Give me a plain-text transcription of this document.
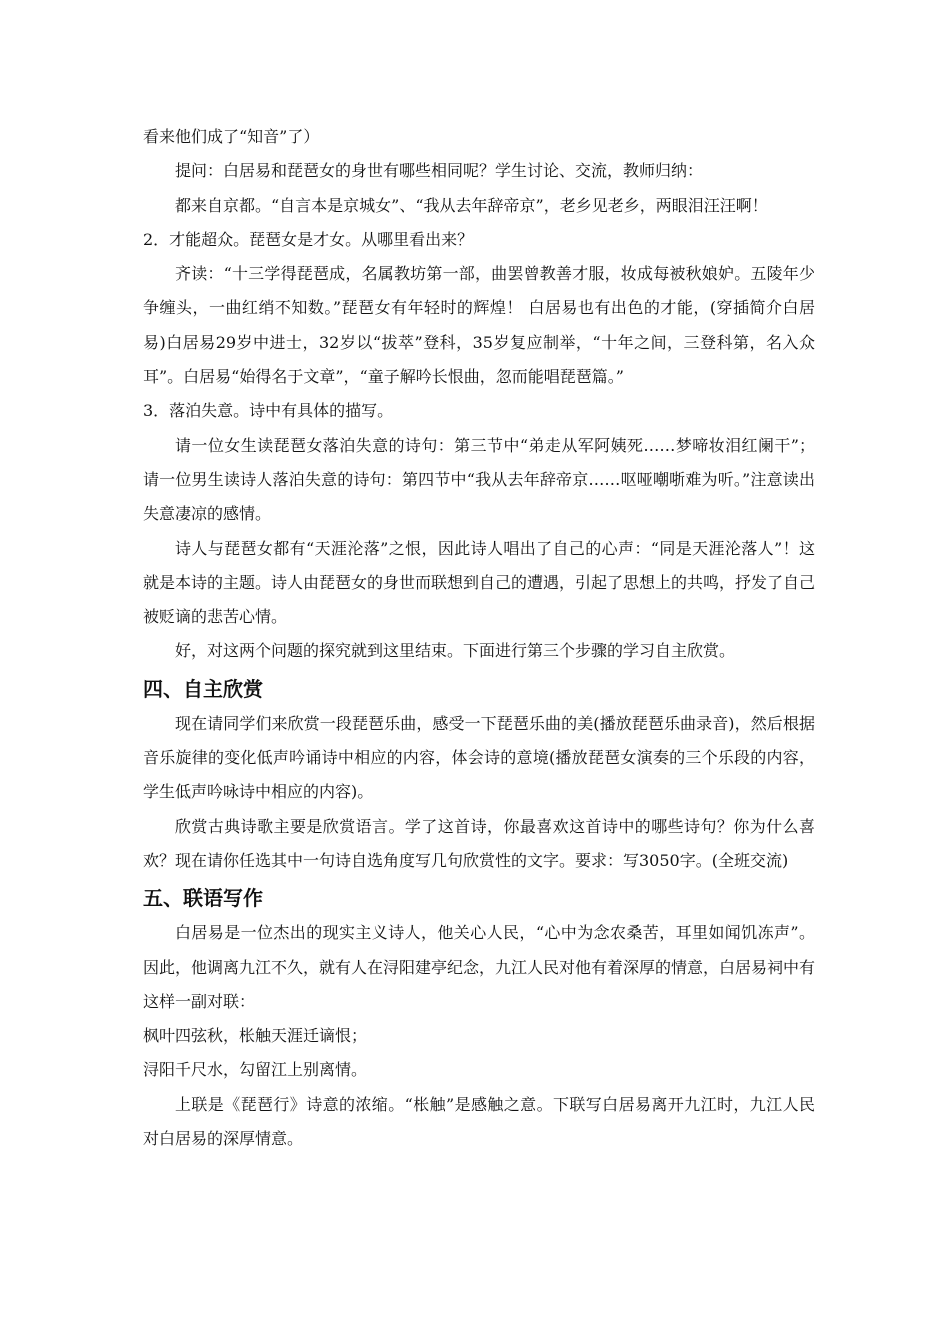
看来他们成了“知音”了）

提问：白居易和琵琶女的身世有哪些相同呢？学生讨论、交流，教师归纳：

都来自京都。“自言本是京城女”、“我从去年辞帝京”，老乡见老乡，两眼泪汪汪啊！

2．才能超众。琵琶女是才女。从哪里看出来？

齐读：“十三学得琵琶成，名属教坊第一部，曲罢曾教善才服，妆成每被秋娘妒。五陵年少争缠头，一曲红绡不知数。”琵琶女有年轻时的辉煌！ 白居易也有出色的才能，(穿插简介白居易)白居易29岁中进士，32岁以“拔萃”登科，35岁复应制举，“十年之间，三登科第，名入众耳”。白居易“始得名于文章”，“童子解吟长恨曲，忽而能唱琵琶篇。”

3．落泊失意。诗中有具体的描写。

请一位女生读琵琶女落泊失意的诗句：第三节中“弟走从军阿姨死……梦啼妆泪红阑干”；请一位男生读诗人落泊失意的诗句：第四节中“我从去年辞帝京……呕哑嘲哳难为听。”注意读出失意凄凉的感情。

诗人与琵琶女都有“天涯沦落”之恨，因此诗人唱出了自己的心声：“同是天涯沦落人”！这就是本诗的主题。诗人由琵琶女的身世而联想到自己的遭遇，引起了思想上的共鸣，抒发了自己被贬谪的悲苦心情。

好，对这两个问题的探究就到这里结束。下面进行第三个步骤的学习自主欣赏。

四、自主欣赏

现在请同学们来欣赏一段琵琶乐曲，感受一下琵琶乐曲的美(播放琵琶乐曲录音)，然后根据音乐旋律的变化低声吟诵诗中相应的内容，体会诗的意境(播放琵琶女演奏的三个乐段的内容，学生低声吟咏诗中相应的内容)。

欣赏古典诗歌主要是欣赏语言。学了这首诗，你最喜欢这首诗中的哪些诗句？你为什么喜欢？现在请你任选其中一句诗自选角度写几句欣赏性的文字。要求：写3050字。(全班交流)

五、联语写作

白居易是一位杰出的现实主义诗人，他关心人民，“心中为念农桑苦，耳里如闻饥冻声”。因此，他调离九江不久，就有人在浔阳建亭纪念，九江人民对他有着深厚的情意，白居易祠中有这样一副对联：

枫叶四弦秋，枨触天涯迁谪恨；

浔阳千尺水，勾留江上别离情。

上联是《琵琶行》诗意的浓缩。“枨触”是感触之意。下联写白居易离开九江时，九江人民对白居易的深厚情意。
